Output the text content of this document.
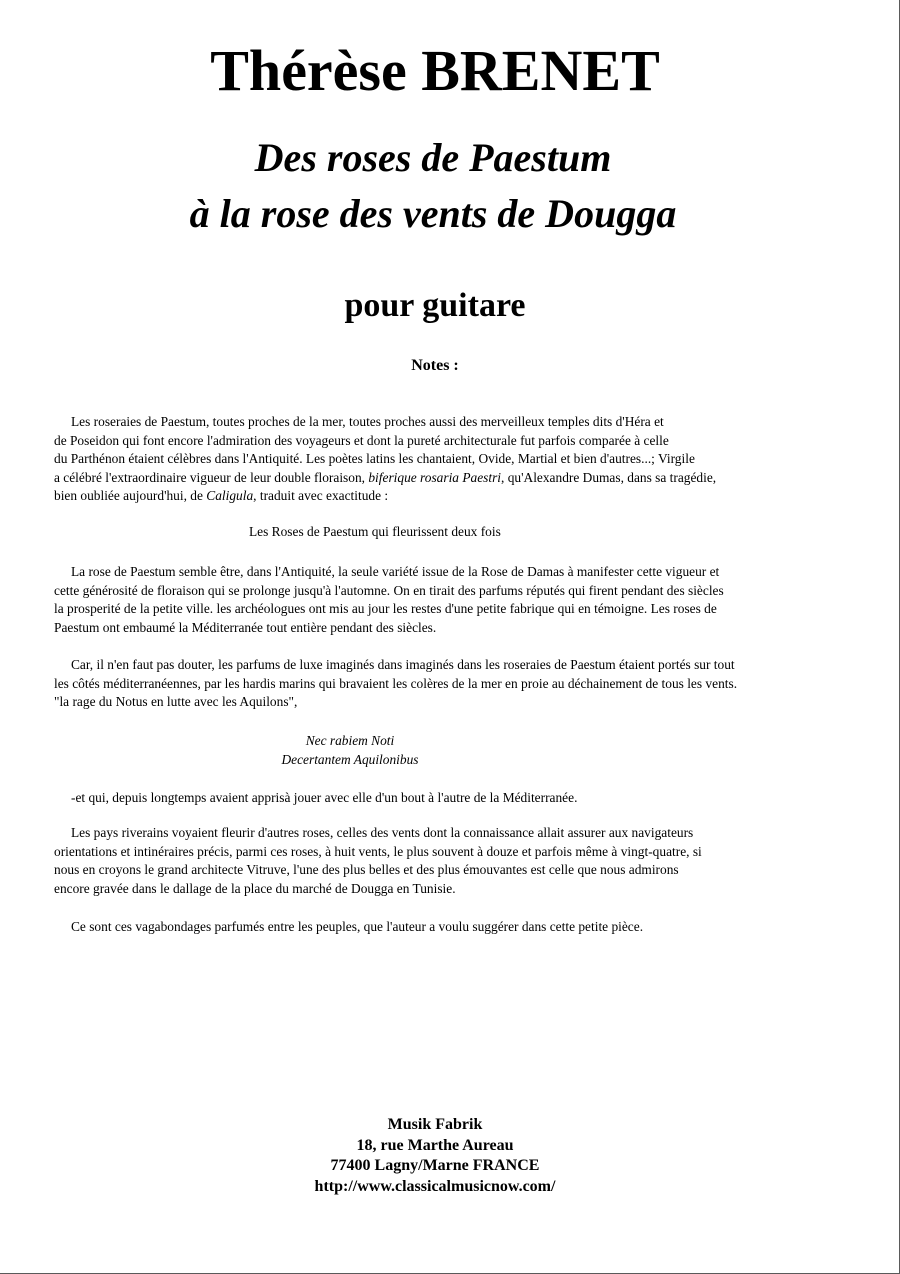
Thérèse BRENET
Des roses de Paestum
à la rose des vents de Dougga
pour guitare
Notes :
Les roseraies de Paestum, toutes proches de la mer, toutes proches aussi des merveilleux temples dits d'Héra et
de Poseidon qui font encore l'admiration des voyageurs et dont la pureté architecturale fut parfois comparée à celle
du Parthénon étaient célèbres dans l'Antiquité. Les poètes latins les chantaient, Ovide, Martial et bien d'autres...; Virgile
a célébré l'extraordinaire vigueur de leur double floraison, biferique rosaria Paestri, qu'Alexandre Dumas, dans sa tragédie,
bien oubliée aujourd'hui, de Caligula, traduit avec exactitude :
Les Roses de Paestum qui fleurissent deux fois
La rose de Paestum semble être, dans l'Antiquité, la seule variété issue de la Rose de Damas à manifester cette vigueur et
cette générosité de floraison qui se prolonge jusqu'à l'automne. On en tirait des parfums réputés qui firent pendant des siècles
la prosperité de la petite ville. les archéologues ont mis au jour les restes d'une petite fabrique qui en témoigne. Les roses de
Paestum ont embaumé la Méditerranée tout entière pendant des siècles.
Car, il n'en faut pas douter, les parfums de luxe imaginés dans imaginés dans les roseraies de Paestum étaient portés sur tout
les côtés méditerranéennes, par les hardis marins qui bravaient les colères de la mer en proie au déchainement de tous les vents.
"la rage du Notus en lutte avec les Aquilons",
Nec rabiem Noti
Decertantem Aquilonibus
-et qui, depuis longtemps avaient apprisà jouer avec elle d'un bout à l'autre de la Méditerranée.
Les pays riverains voyaient fleurir d'autres roses, celles des vents dont la connaissance allait assurer aux navigateurs
orientations et intinéraires précis, parmi ces roses, à huit vents, le plus souvent à douze et parfois même à vingt-quatre, si
nous en croyons le grand architecte Vitruve, l'une des plus belles et des plus émouvantes est celle que nous admirons
encore gravée dans le dallage de la place du marché de Dougga en Tunisie.
Ce sont ces vagabondages parfumés entre les peuples, que l'auteur a voulu suggérer dans cette petite pièce.
Musik Fabrik
18, rue Marthe Aureau
77400 Lagny/Marne FRANCE
http://www.classicalmusicnow.com/
